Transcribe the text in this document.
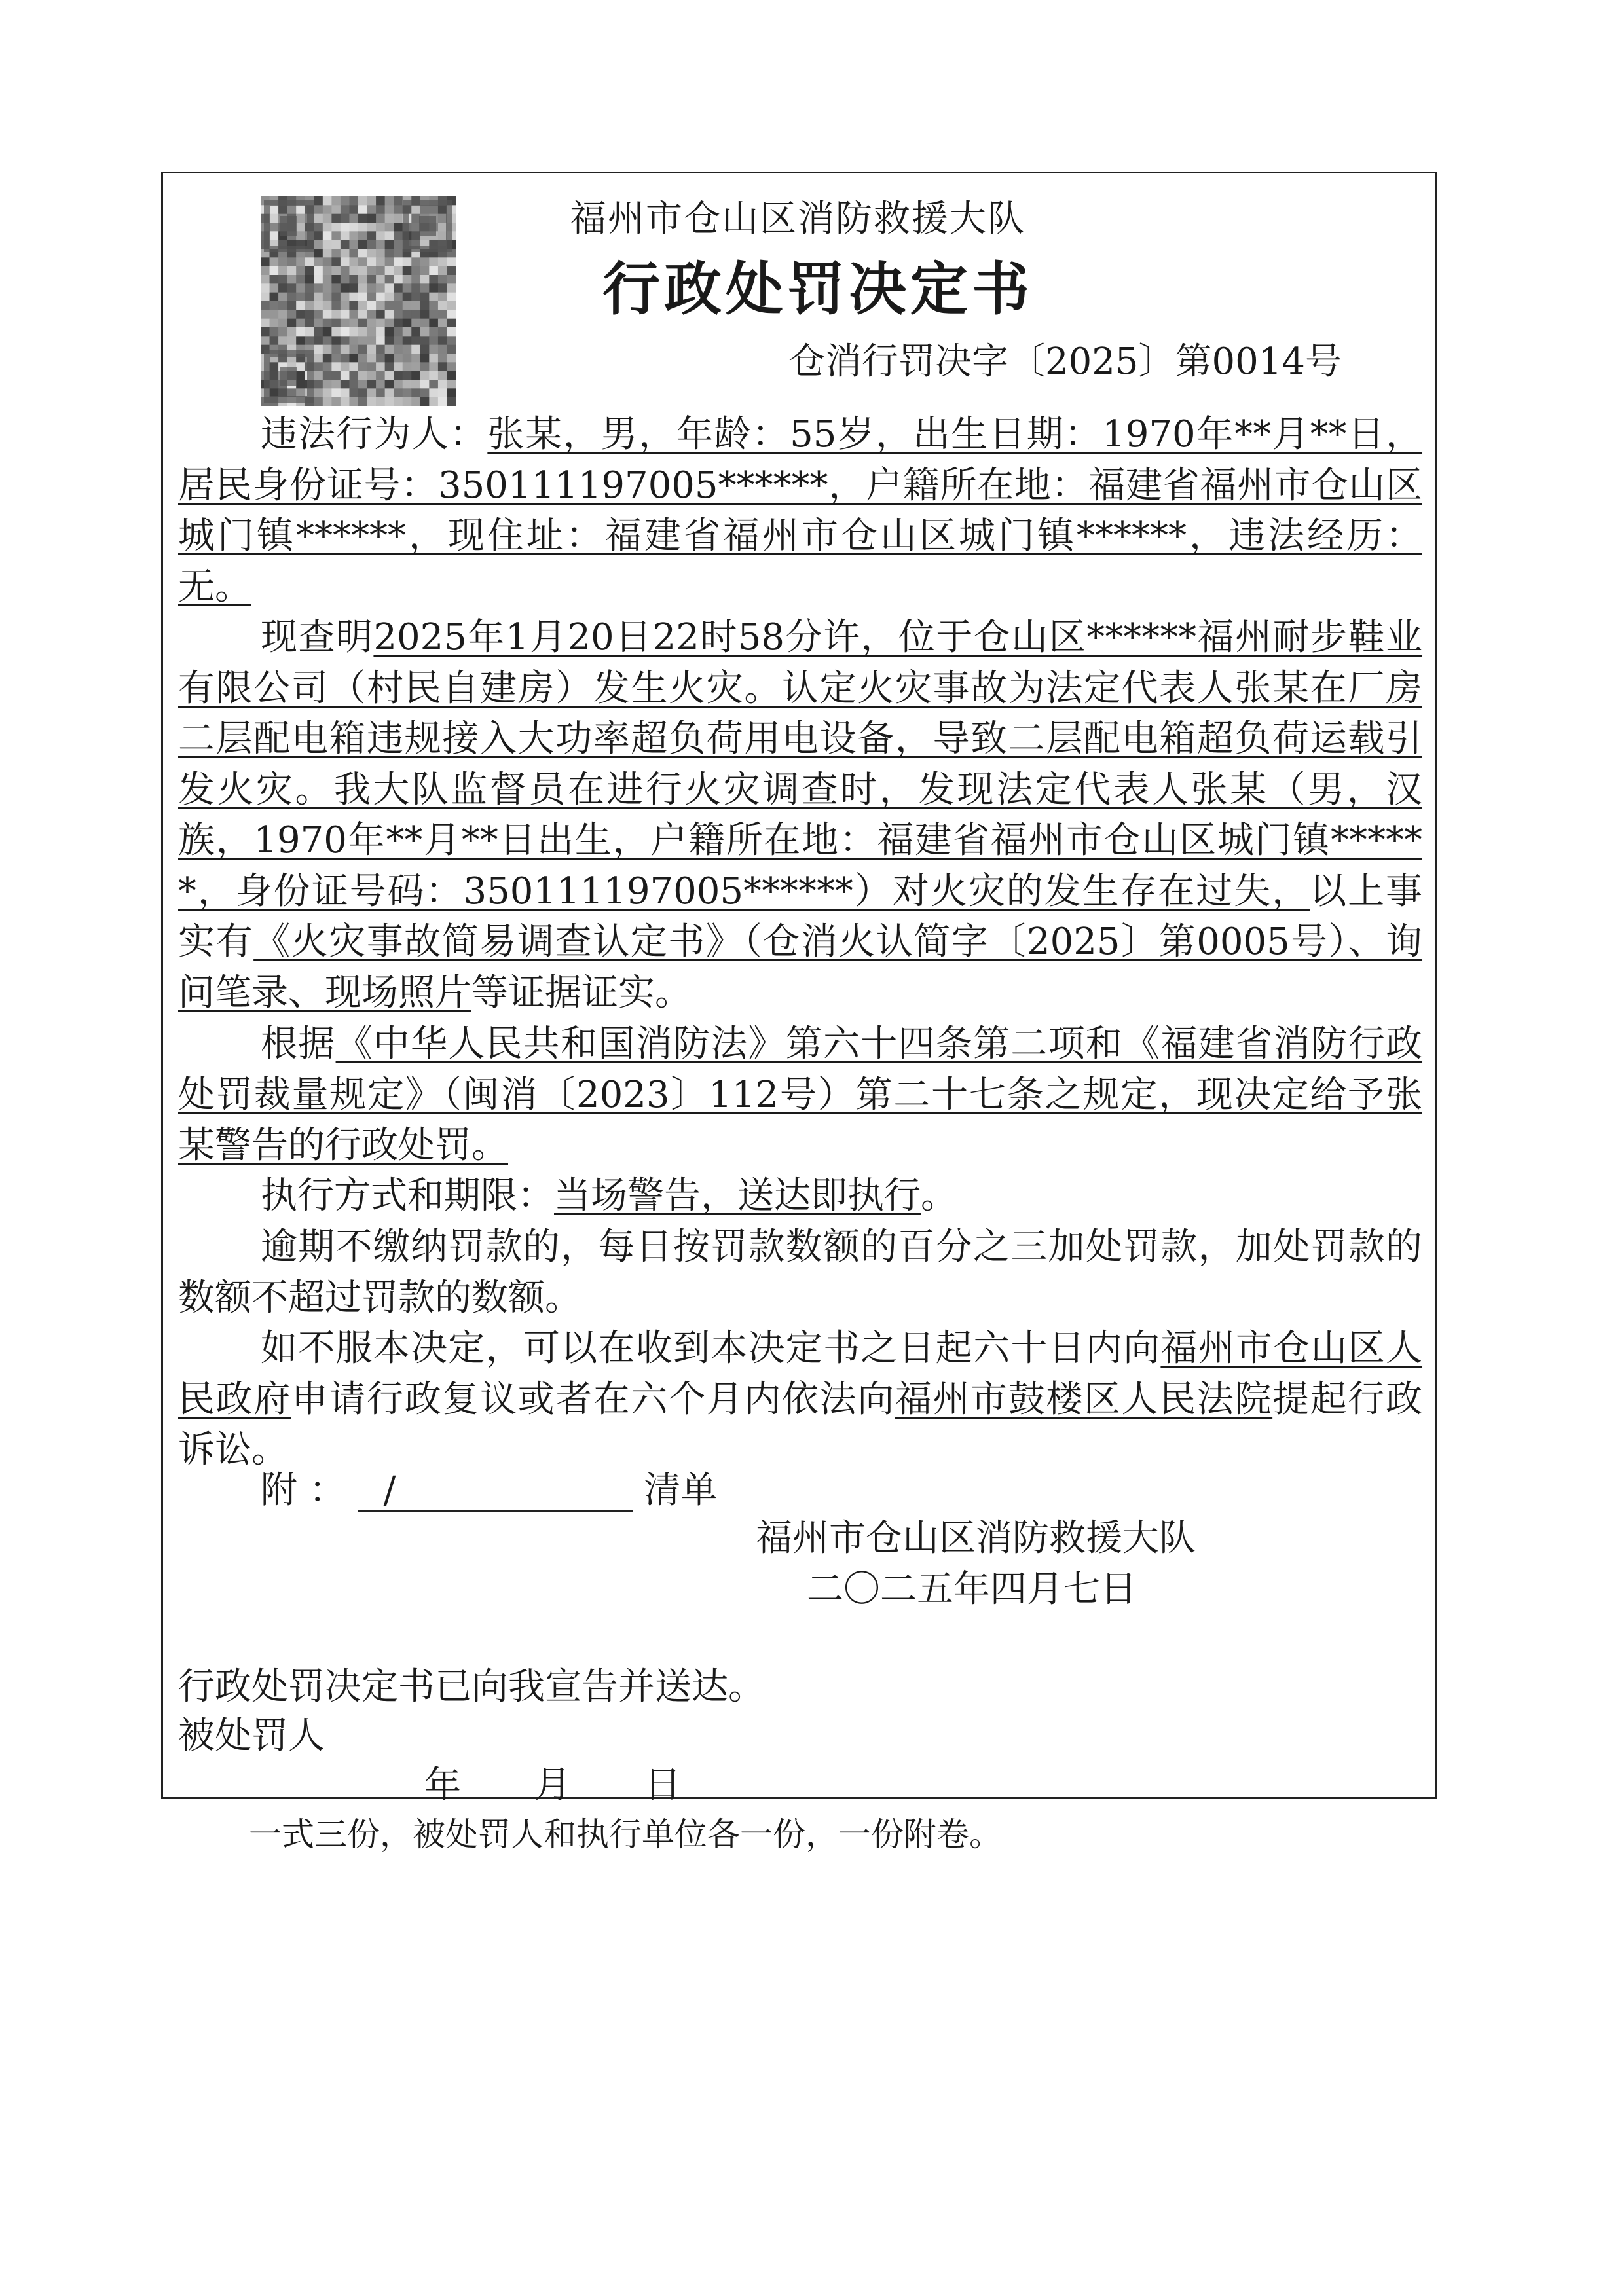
福州市仓山区消防救援大队
行政处罚决定书
仓消行罚决字〔2025〕第0014号
违法行为人：张某，男，年龄：55岁，出生日期：1970年**月**日，居民身份证号：350111197005******，户籍所在地：福建省福州市仓山区城门镇******，现住址：福建省福州市仓山区城门镇******，违法经历：无。
现查明2025年1月20日22时58分许，位于仓山区******福州耐步鞋业有限公司（村民自建房）发生火灾。认定火灾事故为法定代表人张某在厂房二层配电箱违规接入大功率超负荷用电设备，导致二层配电箱超负荷运载引发火灾。我大队监督员在进行火灾调查时，发现法定代表人张某（男，汉族，1970年**月**日出生，户籍所在地：福建省福州市仓山区城门镇******，身份证号码：350111197005******）对火灾的发生存在过失，以上事实有《火灾事故简易调查认定书》（仓消火认简字〔2025〕第0005号）、询问笔录、现场照片等证据证实。
根据《中华人民共和国消防法》第六十四条第二项和《福建省消防行政处罚裁量规定》（闽消〔2023〕112号）第二十七条之规定，现决定给予张某警告的行政处罚。
执行方式和期限：当场警告，送达即执行。
逾期不缴纳罚款的，每日按罚款数额的百分之三加处罚款，加处罚款的数额不超过罚款的数额。
如不服本决定，可以在收到本决定书之日起六十日内向福州市仓山区人民政府申请行政复议或者在六个月内依法向福州市鼓楼区人民法院提起行政诉讼。
附 ： /	清单
福州市仓山区消防救援大队
二〇二五年四月七日
行政处罚决定书已向我宣告并送达。
被处罚人
年　　月　　日
一式三份，被处罚人和执行单位各一份，一份附卷。
